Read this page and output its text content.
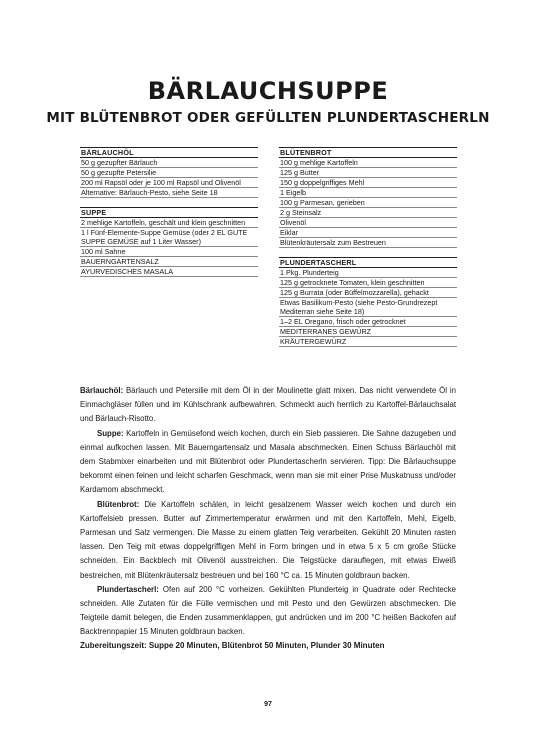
BÄRLAUCHSUPPE
MIT BLÜTENBROT ODER GEFÜLLTEN PLUNDERTASCHERLN
BÄRLAUCHÖL
50 g gezupfter Bärlauch
50 g gezupfte Petersilie
200 ml Rapsöl oder je 100 ml Rapsöl und Olivenöl
Alternative: Bärlauch-Pesto, siehe Seite 18
SUPPE
2 mehlige Kartoffeln, geschält und klein geschnitten
1 l Fünf-Elemente-Suppe Gemüse (oder 2 EL GUTE SUPPE GEMÜSE auf 1 Liter Wasser)
100 ml Sahne
BAUERNGARTENSALZ
AYURVEDISCHES MASALA
BLÜTENBROT
100 g mehlige Kartoffeln
125 g Butter
150 g doppelgriffiges Mehl
1 Eigelb
100 g Parmesan, gerieben
2 g Steinsalz
Olivenöl
Eiklar
Blütenkräutersalz zum Bestreuen
PLUNDERTASCHERL
1 Pkg. Plunderteig
125 g getrocknete Tomaten, klein geschnitten
125 g Burrata (oder Büffelmozzarella), gehackt
Etwas Basilikum-Pesto (siehe Pesto-Grundrezept Mediterran siehe Seite 18)
1–2 EL Oregano, frisch oder getrocknet
MEDITERRANES GEWÜRZ
KRÄUTERGEWÜRZ

Bärlauchöl: Bärlauch und Petersilie mit dem Öl in der Moulinette glatt mixen. Das nicht verwendete Öl in Einmachgläser füllen und im Kühlschrank aufbewahren. Schmeckt auch herrlich zu Kartoffel-Bärlauchsalat und Bärlauch-Risotto.

Suppe: Kartoffeln in Gemüsefond weich kochen, durch ein Sieb passieren. Die Sahne dazugeben und einmal aufkochen lassen. Mit Bauerngartensalz und Masala abschmecken. Einen Schuss Bärlauchöl mit dem Stabmixer einarbeiten und mit Blütenbrot oder Plundertascherln servieren. Tipp: Die Bärlauchsuppe bekommt einen feinen und leicht scharfen Geschmack, wenn man sie mit einer Prise Muskatnuss und/oder Kardamom abschmeckt.

Blütenbrot: Die Kartoffeln schälen, in leicht gesalzenem Wasser weich kochen und durch ein Kartoffelsieb pressen. Butter auf Zimmertemperatur erwärmen und mit den Kartoffeln, Mehl, Eigelb, Parmesan und Salz vermengen. Die Masse zu einem glatten Teig verarbeiten. Gekühlt 20 Minuten rasten lassen. Den Teig mit etwas doppelgriffigen Mehl in Form bringen und in etwa 5 x 5 cm große Stücke schneiden. Ein Backblech mit Olivenöl ausstreichen. Die Teigstücke darauflegen, mit etwas Eiweiß bestreichen, mit Blütenkräutersalz bestreuen und bei 160 °C ca. 15 Minuten goldbraun backen.

Plundertascherl: Ofen auf 200 °C vorheizen. Gekühlten Plunderteig in Quadrate oder Rechtecke schneiden. Alle Zutaten für die Fülle vermischen und mit Pesto und den Gewürzen abschmecken. Die Teigteile damit belegen, die Enden zusammenklappen, gut andrücken und im 200 °C heißen Backofen auf Backtrennpapier 15 Minuten goldbraun backen.

Zubereitungszeit: Suppe 20 Minuten, Blütenbrot 50 Minuten, Plunder 30 Minuten
97
